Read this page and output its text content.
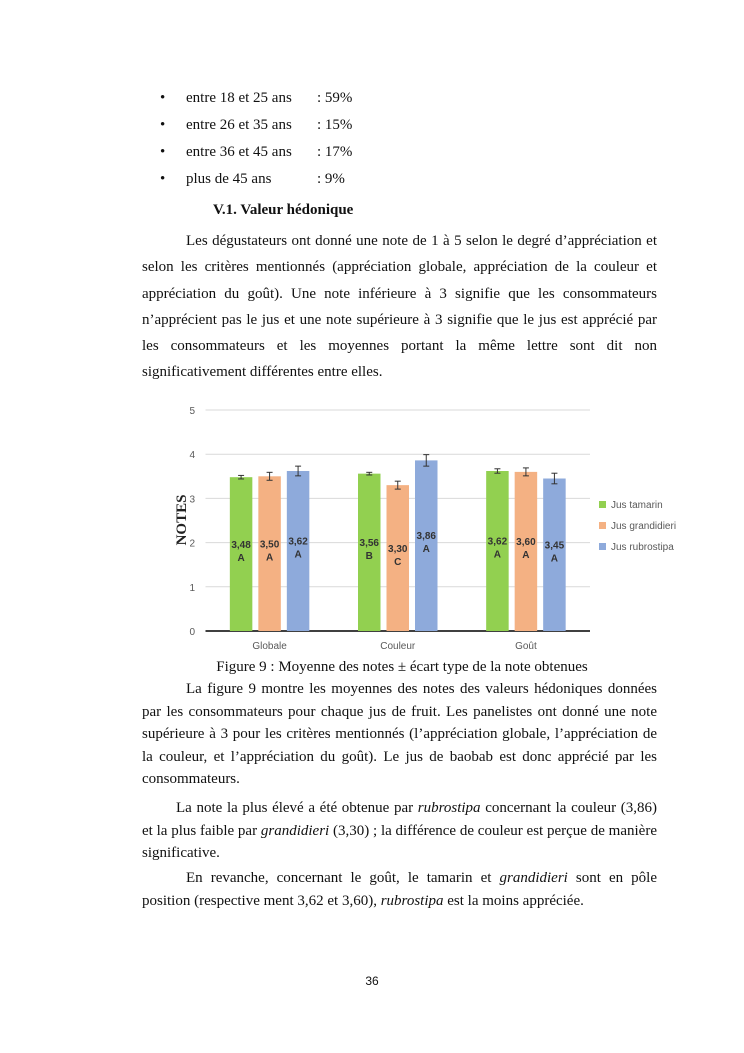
• entre 18 et 25 ans : 59%
• entre 26 et 35 ans : 15%
• entre 36 et 45 ans : 17%
• plus de 45 ans	: 9%
V.1. Valeur hédonique

Les dégustateurs ont donné une note de 1 à 5 selon le degré d’appréciation et selon les critères mentionnés (appréciation globale, appréciation de la couleur et appréciation du goût). Une note inférieure à 3 signifie que les consommateurs n’apprécient pas le jus et une note supérieure à 3 signifie que le jus est apprécié par les consommateurs et les moyennes portant la même lettre sont dit non significativement différentes entre elles.

0
1
2
3
4
5
NOTES
Globale
3,48
A
3,50
A
3,62
A
Couleur
3,56
B
3,30
C
3,86
A
Goût
3,62
A
3,60
A
3,45
A
Jus tamarin
Jus grandidieri
Jus rubrostipa
Figure 9 : Moyenne des notes ± écart type de la note obtenues

La figure 9 montre les moyennes des notes des valeurs hédoniques données par les consommateurs pour chaque jus de fruit. Les panelistes ont donné une note supérieure à 3 pour les critères mentionnés (l’appréciation globale, l’appréciation de la couleur, et l’appréciation du goût). Le jus de baobab est donc apprécié par les consommateurs.

La note la plus élevé a été obtenue par rubrostipa concernant la couleur (3,86) et la plus faible par grandidieri (3,30) ; la différence de couleur est perçue de manière significative.

En revanche, concernant le goût, le tamarin et grandidieri sont en pôle position (respective ment 3,62 et 3,60), rubrostipa est la moins appréciée.

36
